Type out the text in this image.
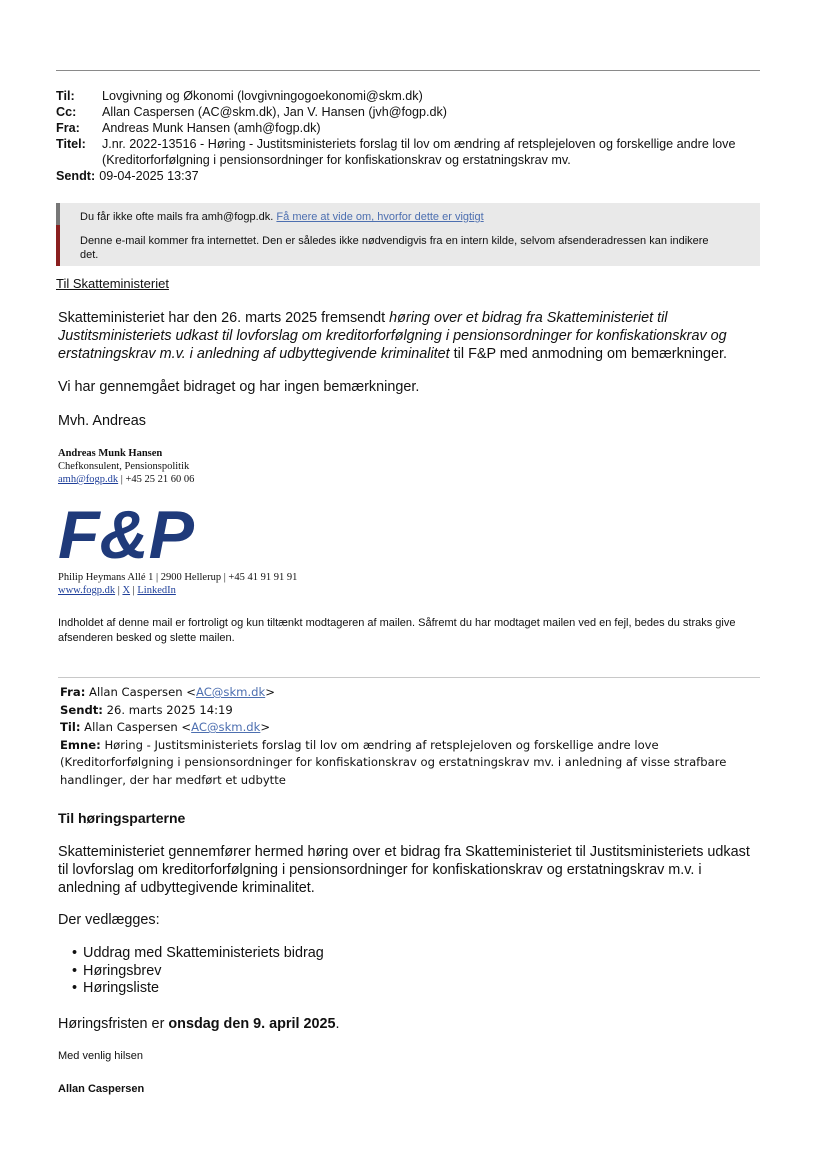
Til:	Lovgivning og Økonomi (lovgivningogoekonomi@skm.dk)
Cc:	Allan Caspersen (AC@skm.dk), Jan V. Hansen (jvh@fogp.dk)
Fra:	Andreas Munk Hansen (amh@fogp.dk)
Titel:	J.nr. 2022-13516 - Høring - Justitsministeriets forslag til lov om ændring af retsplejeloven og forskellige andre love (Kreditorforfølgning i pensionsordninger for konfiskationskrav og erstatningskrav mv.
Sendt: 09-04-2025 13:37
Du får ikke ofte mails fra amh@fogp.dk. Få mere at vide om, hvorfor dette er vigtigt
Denne e-mail kommer fra internettet. Den er således ikke nødvendigvis fra en intern kilde, selvom afsenderadressen kan indikere det.
Til Skatteministeriet
Skatteministeriet har den 26. marts 2025 fremsendt høring over et bidrag fra Skatteministeriet til Justitsministeriets udkast til lovforslag om kreditorforfølgning i pensionsordninger for konfiskationskrav og erstatningskrav m.v. i anledning af udbyttegivende kriminalitet til F&P med anmodning om bemærkninger.
Vi har gennemgået bidraget og har ingen bemærkninger.
Mvh. Andreas
Andreas Munk Hansen
Chefkonsulent, Pensionspolitik
amh@fogp.dk | +45 25 21 60 06
F&P
Philip Heymans Allé 1 | 2900 Hellerup | +45 41 91 91 91
www.fogp.dk | X | LinkedIn
Indholdet af denne mail er fortroligt og kun tiltænkt modtageren af mailen. Såfremt du har modtaget mailen ved en fejl, bedes du straks give afsenderen besked og slette mailen.
Fra: Allan Caspersen <AC@skm.dk>
Sendt: 26. marts 2025 14:19
Til: Allan Caspersen <AC@skm.dk>
Emne: Høring - Justitsministeriets forslag til lov om ændring af retsplejeloven og forskellige andre love (Kreditorforfølgning i pensionsordninger for konfiskationskrav og erstatningskrav mv. i anledning af visse strafbare handlinger, der har medført et udbytte
Til høringsparterne
Skatteministeriet gennemfører hermed høring over et bidrag fra Skatteministeriet til Justitsministeriets udkast til lovforslag om kreditorforfølgning i pensionsordninger for konfiskationskrav og erstatningskrav m.v. i anledning af udbyttegivende kriminalitet.
Der vedlægges:
• Uddrag med Skatteministeriets bidrag
• Høringsbrev
• Høringsliste
Høringsfristen er onsdag den 9. april 2025.
Med venlig hilsen
Allan Caspersen
